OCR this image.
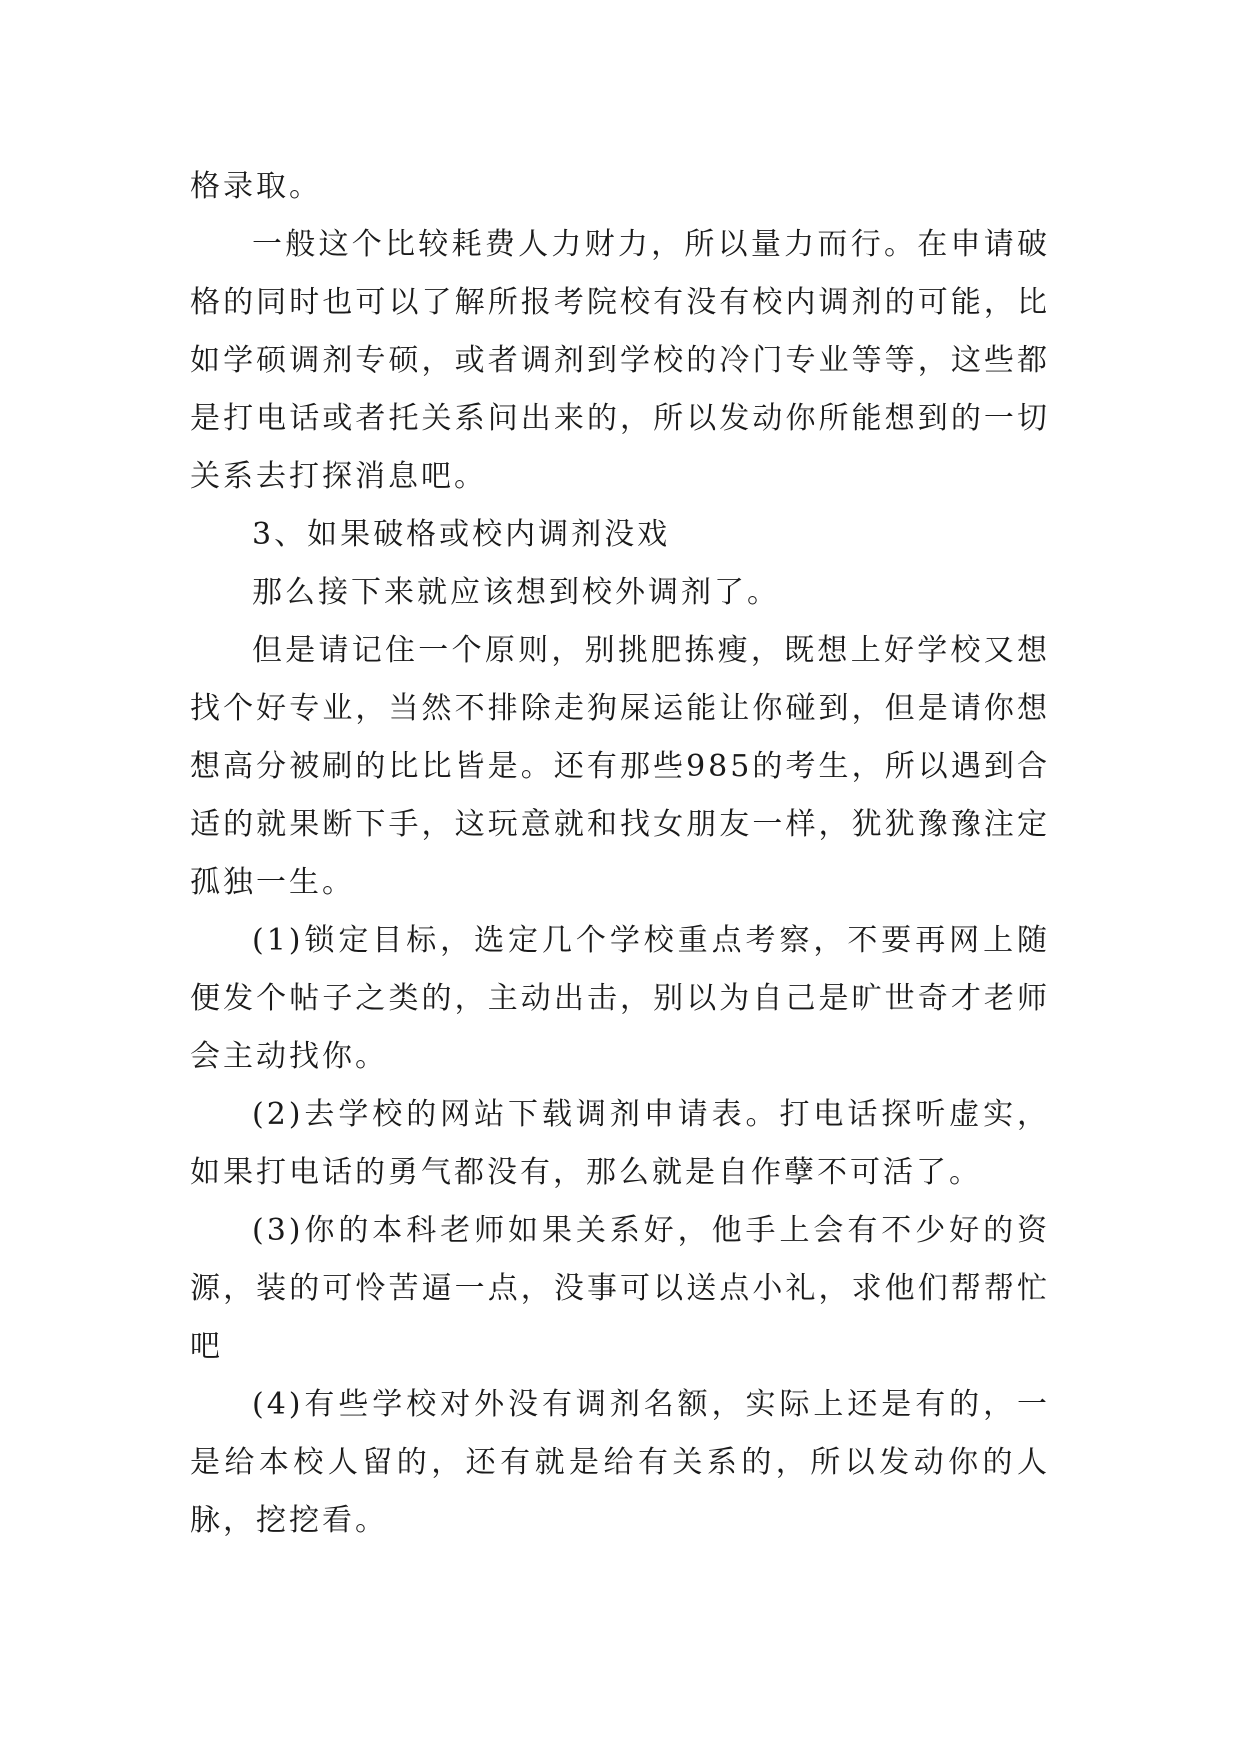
格录取。

一般这个比较耗费人力财力，所以量力而行。在申请破格的同时也可以了解所报考院校有没有校内调剂的可能，比如学硕调剂专硕，或者调剂到学校的冷门专业等等，这些都是打电话或者托关系问出来的，所以发动你所能想到的一切关系去打探消息吧。

3、如果破格或校内调剂没戏

那么接下来就应该想到校外调剂了。

但是请记住一个原则，别挑肥拣瘦，既想上好学校又想找个好专业，当然不排除走狗屎运能让你碰到，但是请你想想高分被刷的比比皆是。还有那些985的考生，所以遇到合适的就果断下手，这玩意就和找女朋友一样，犹犹豫豫注定孤独一生。

(1)锁定目标，选定几个学校重点考察，不要再网上随便发个帖子之类的，主动出击，别以为自己是旷世奇才老师会主动找你。

(2)去学校的网站下载调剂申请表。打电话探听虚实，如果打电话的勇气都没有，那么就是自作孽不可活了。

(3)你的本科老师如果关系好，他手上会有不少好的资源，装的可怜苦逼一点，没事可以送点小礼，求他们帮帮忙吧

(4)有些学校对外没有调剂名额，实际上还是有的，一是给本校人留的，还有就是给有关系的，所以发动你的人脉，挖挖看。
